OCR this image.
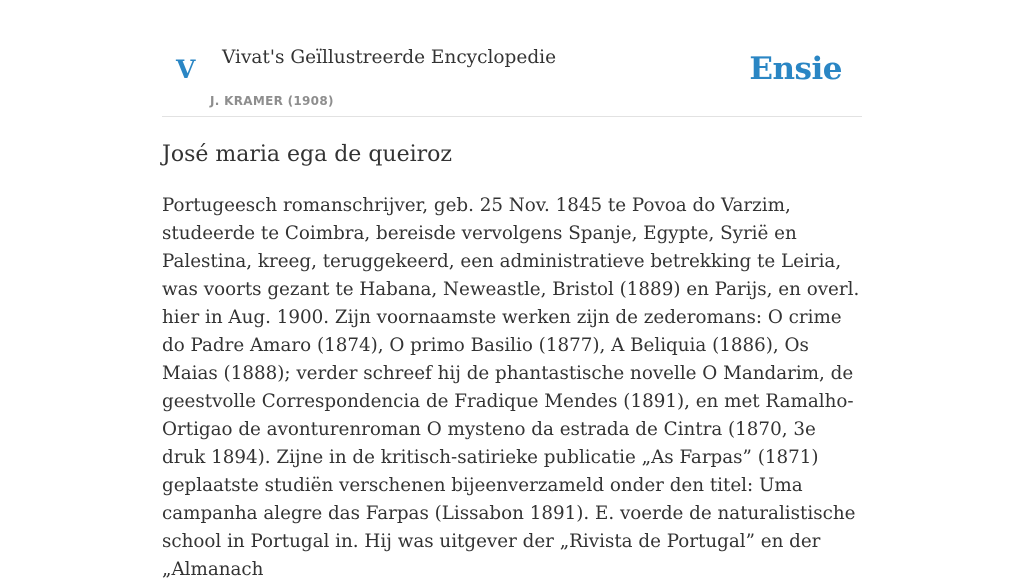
V Vivat's Geïllustreerde Encyclopedie
J. KRAMER (1908)
Ensie
José maria ega de queiroz

Portugeesch romanschrijver, geb. 25 Nov. 1845 te Povoa do Varzim, studeerde te Coimbra, bereisde vervolgens Spanje, Egypte, Syrië en Palestina, kreeg, teruggekeerd, een administratieve betrekking te Leiria, was voorts gezant te Habana, Neweastle, Bristol (1889) en Parijs, en overl. hier in Aug. 1900. Zijn voornaamste werken zijn de zederomans: O crime do Padre Amaro (1874), O primo Basilio (1877), A Beliquia (1886), Os Maias (1888); verder schreef hij de phantastische novelle O Mandarim, de geestvolle Correspondencia de Fradique Mendes (1891), en met Ramalho-Ortigao de avonturenroman O mysteno da estrada de Cintra (1870, 3e druk 1894). Zijne in de kritisch-satirieke publicatie „As Farpas” (1871) geplaatste studiën verschenen bijeenverzameld onder den titel: Uma campanha alegre das Farpas (Lissabon 1891). E. voerde de naturalistische school in Portugal in. Hij was uitgever der „Rivista de Portugal” en der „Almanach
